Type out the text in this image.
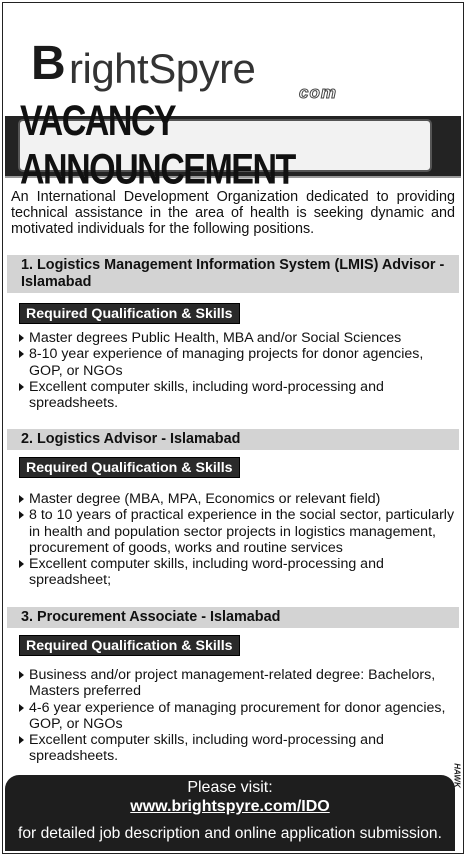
B rightSpyre
com
VACANCY ANNOUNCEMENT

An International Development Organization dedicated to providing technical assistance in the area of health is seeking dynamic and motivated individuals for the following positions.

1. Logistics Management Information System (LMIS) Advisor - Islamabad
Required Qualification & Skills
Master degrees Public Health, MBA and/or Social Sciences
8-10 year experience of managing projects for donor agencies, GOP, or NGOs
Excellent computer skills, including word-processing and spreadsheets.
2. Logistics Advisor - Islamabad
Required Qualification & Skills
Master degree (MBA, MPA, Economics or relevant field)
8 to 10 years of practical experience in the social sector, particularly in health and population sector projects in logistics management, procurement of goods, works and routine services
Excellent computer skills, including word-processing and spreadsheet;
3. Procurement Associate - Islamabad
Required Qualification & Skills
Business and/or project management-related degree: Bachelors, Masters preferred
4-6 year experience of managing procurement for donor agencies, GOP, or NGOs
Excellent computer skills, including word-processing and spreadsheets.
Please visit:
www.brightspyre.com/IDO
for detailed job description and online application submission.
HAWK
